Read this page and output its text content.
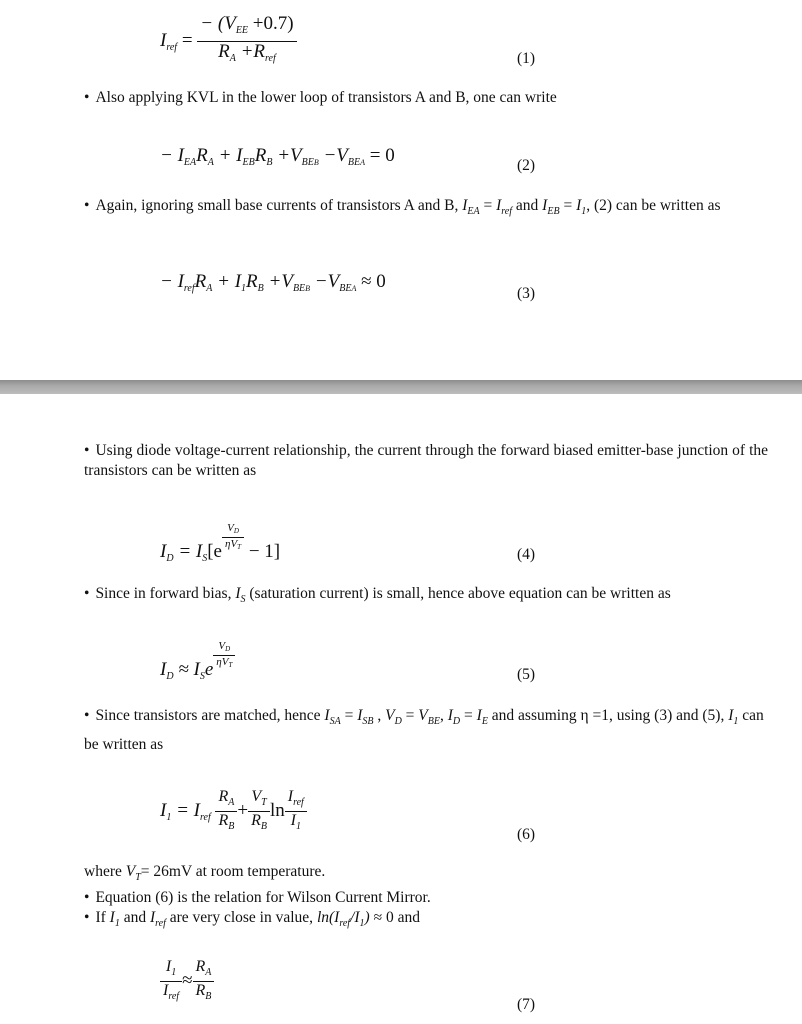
$I_{ref} = \frac{- (V_{EE} +0.7)}{R_A +R_{ref}}$	(1)
• Also applying KVL in the lower loop of transistors A and B, one can write
− $I_{EA}R_A + I_{EB}R_B +V_{BEB} -V_{BEA} = 0$	(2)
• Again, ignoring small base currents of transistors A and B, $I_{EA} = I_{ref}$ and $I_{EB} = I_1$, (2) can be written as
− $I_{ref}R_A + I_1R_B +V_{BEB} -V_{BEA} \approx 0$
(3)
• Using diode voltage-current relationship, the current through the forward biased emitter-base junction of the transistors can be written as
$I_D = I_S[e \frac{V_D}{\eta V_T} - 1]$	(4)
• Since in forward bias, $I_S$ (saturation current) is small, hence above equation can be written as
$I_D \approx I_Se \frac{V_D}{\eta V_T}$
(5)
• Since transistors are matched, hence $I_{SA} = I_{SB}$ , $V_D = V_{BE}$, $I_D = I_E$ and assuming η =1, using (3) and (5), $I_1$ can be written as
$I_1 = I_{ref} \frac{R_A}{R_B} + \frac{V_T}{R_B}$ $\ln \frac{I_{ref}}{I_1}$	(6)
where $V_T= 26mV$ at room temperature.
• Equation (6) is the relation for Wilson Current Mirror.
• If $I_1$ and $I_{ref}$ are very close in value, $\ln(I_{ref}/I_1) \approx 0$ and
$\frac{I_1}{I_{ref}} \approx \frac{R_A}{R_B}$	(7)
